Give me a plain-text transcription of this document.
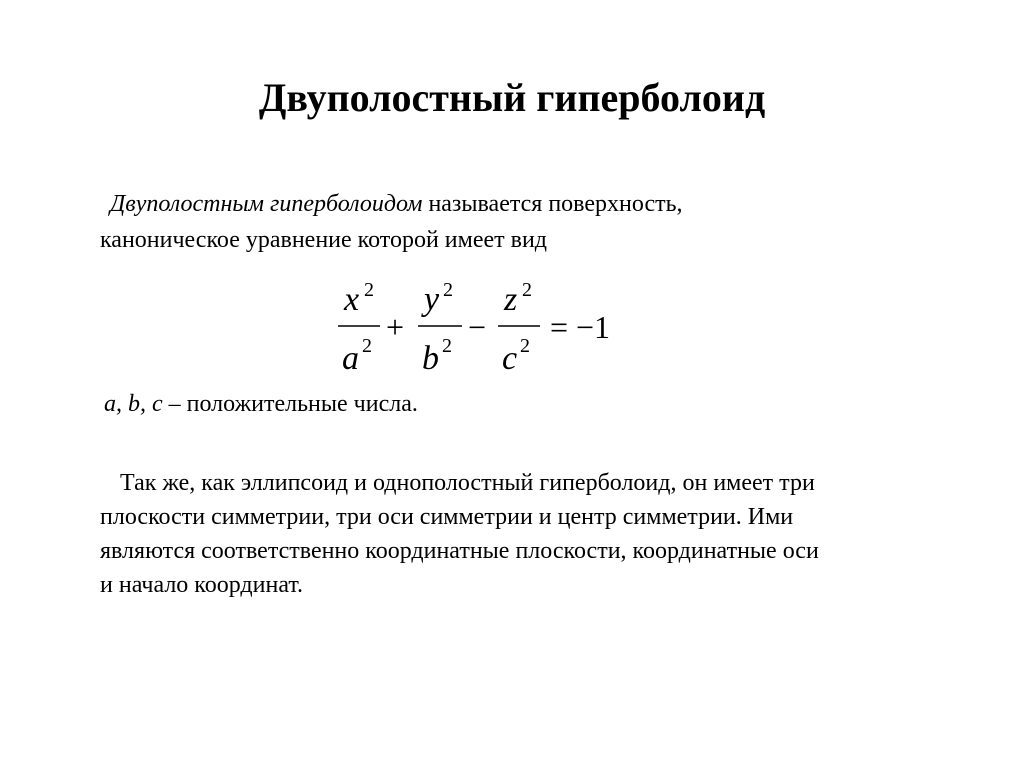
Двуполостный гиперболоид

Двуполостным гиперболоидом называется поверхность,
каноническое уравнение которой имеет вид

x 2
a 2
+
y 2
b 2
−
z 2
c 2
= −1

a, b, c – положительные числа.

Так же, как эллипсоид и однополостный гиперболоид, он имеет три
плоскости симметрии, три оси симметрии и центр симметрии. Ими
являются соответственно координатные плоскости, координатные оси
и начало координат.
